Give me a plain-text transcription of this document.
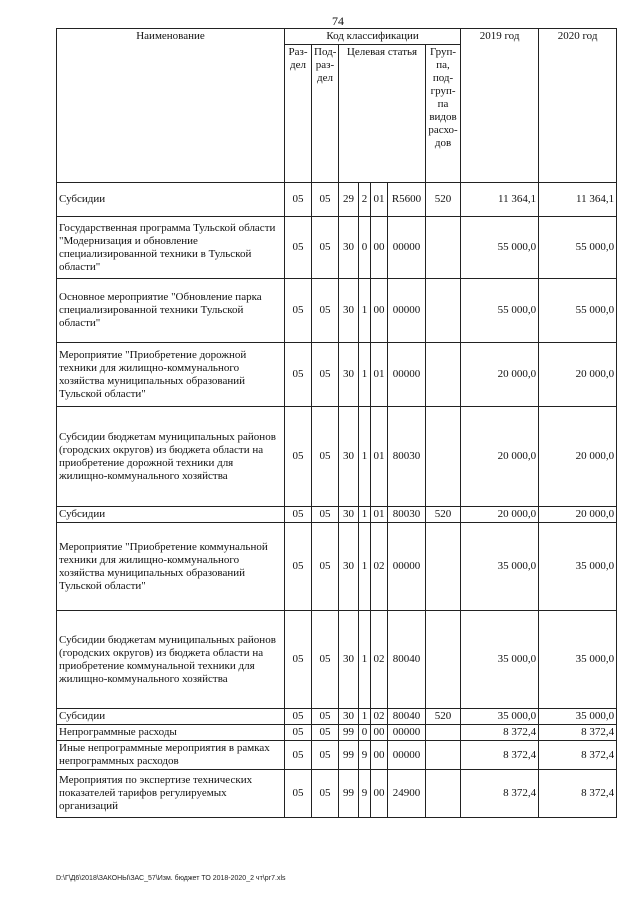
74
Наименование	Код классификации							2019 год	2020 год
	Раз-дел	Под-раз-дел	Целевая статья				Груп-па, под-груп-па видов расхо-дов		
Субсидии	05	05	29	2	01	R5600	520	11 364,1	11 364,1
Государственная программа Тульской области "Модернизация и обновление специализированной техники в Тульской области"	05	05	30	0	00	00000		55 000,0	55 000,0
Основное мероприятие "Обновление парка специализированной техники Тульской области"	05	05	30	1	00	00000		55 000,0	55 000,0
Мероприятие "Приобретение дорожной техники для жилищно-коммунального хозяйства муниципальных образований Тульской области"	05	05	30	1	01	00000		20 000,0	20 000,0
Субсидии бюджетам муниципальных районов (городских округов) из бюджета области на приобретение дорожной техники для жилищно-коммунального хозяйства	05	05	30	1	01	80030		20 000,0	20 000,0
Субсидии	05	05	30	1	01	80030	520	20 000,0	20 000,0
Мероприятие "Приобретение коммунальной техники для жилищно-коммунального хозяйства муниципальных образований Тульской области"	05	05	30	1	02	00000		35 000,0	35 000,0
Субсидии бюджетам муниципальных районов (городских округов) из бюджета области на приобретение коммунальной техники для жилищно-коммунального хозяйства	05	05	30	1	02	80040		35 000,0	35 000,0
Субсидии	05	05	30	1	02	80040	520	35 000,0	35 000,0
Непрограммные расходы	05	05	99	0	00	00000		8 372,4	8 372,4
Иные непрограммные мероприятия в рамках непрограммных расходов	05	05	99	9	00	00000		8 372,4	8 372,4
Мероприятия по экспертизе технических показателей тарифов регулируемых организаций	05	05	99	9	00	24900		8 372,4	8 372,4
D:\Г\Д6\2018\ЗАКОНЫ\ЗАС_57\Изм. бюджет ТО 2018-2020_2 чт\рг7.xls
